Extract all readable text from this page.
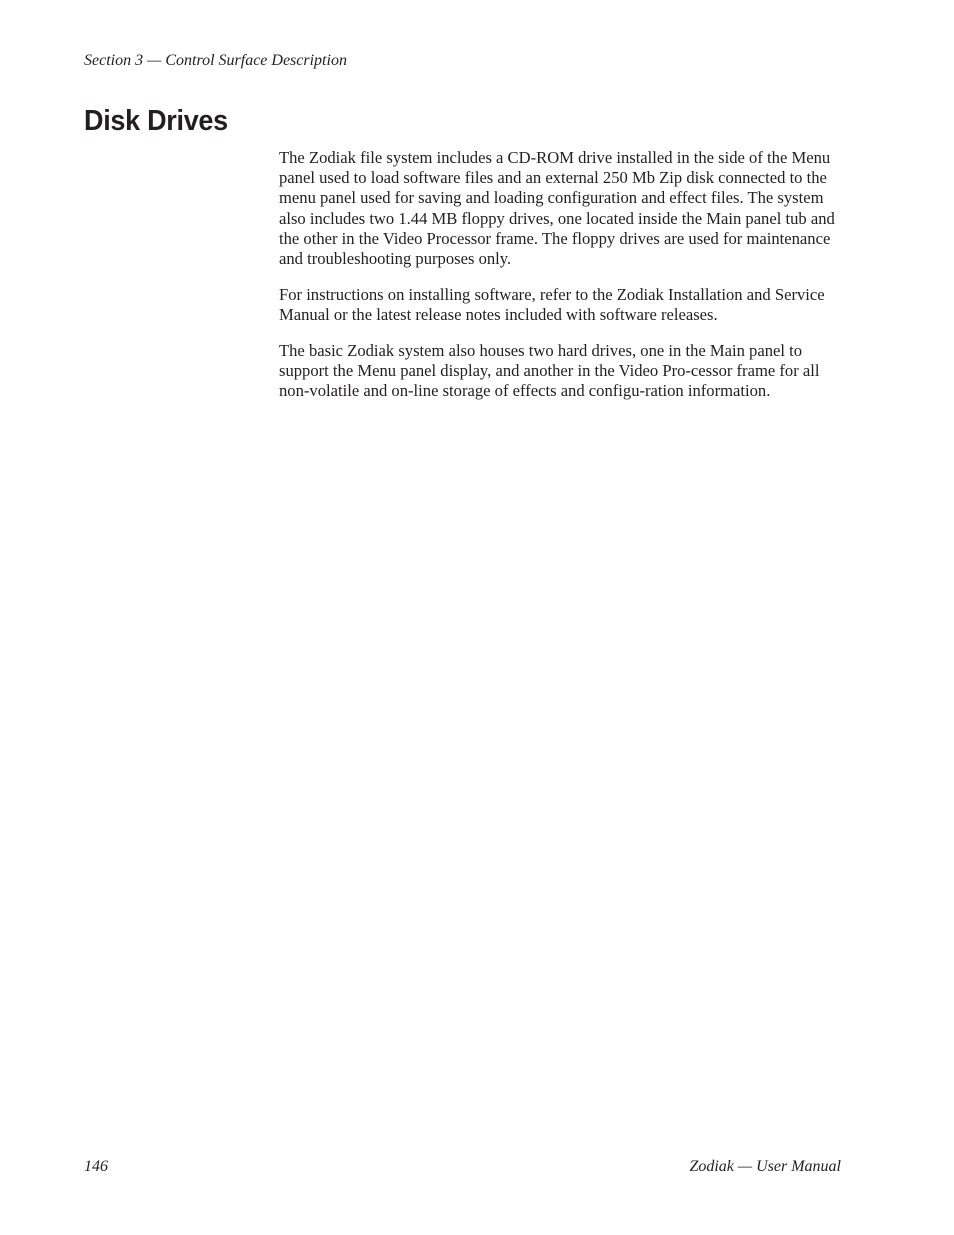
Section 3 — Control Surface Description
Disk Drives

The Zodiak file system includes a CD-ROM drive installed in the side of the Menu panel used to load software files and an external 250 Mb Zip disk connected to the menu panel used for saving and loading configuration and effect files. The system also includes two 1.44 MB floppy drives, one located inside the Main panel tub and the other in the Video Processor frame. The floppy drives are used for maintenance and troubleshooting purposes only.

For instructions on installing software, refer to the Zodiak Installation and Service Manual or the latest release notes included with software releases.

The basic Zodiak system also houses two hard drives, one in the Main panel to support the Menu panel display, and another in the Video Pro-cessor frame for all non-volatile and on-line storage of effects and configu-ration information.

146	Zodiak — User Manual
